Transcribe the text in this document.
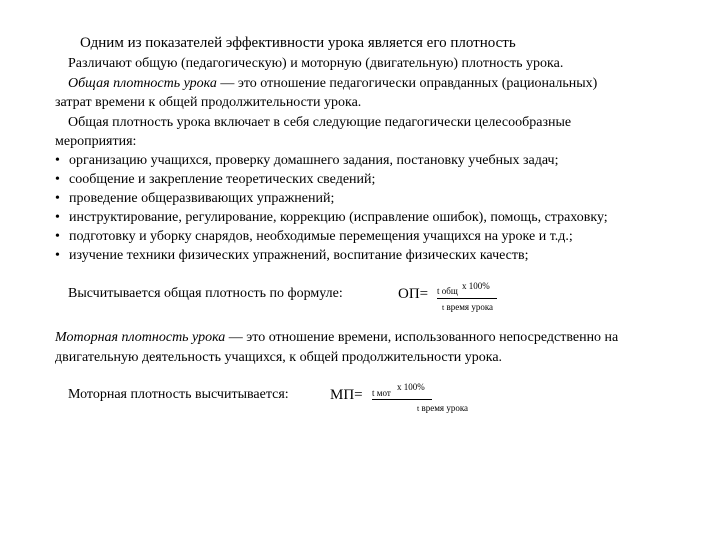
Одним из показателей эффективности урока является его плотность
Различают общую (педагогическую) и моторную (двигательную) плотность урока.
Общая плотность урока — это отношение педагогически оправданных (рациональных)
затрат времени к общей продолжительности урока.
Общая плотность урока включает в себя следующие педагогически целесообразные
мероприятия:
• организацию учащихся, проверку домашнего задания, постановку учебных задач;
• сообщение и закрепление теоретических сведений;
• проведение общеразвивающих упражнений;
• инструктирование, регулирование, коррекцию (исправление ошибок), помощь, страховку;
• подготовку и уборку снарядов, необходимые перемещения учащихся на уроке и т.д.;
• изучение техники физических упражнений, воспитание физических качеств;
Высчитывается общая плотность по формуле:	ОП= t общ х 100%
t время урока
Моторная плотность урока — это отношение времени, использованного непосредственно на
двигательную деятельность учащихся, к общей продолжительности урока.
Моторная плотность высчитывается:	МП= t мот
х 100%
t время урока
